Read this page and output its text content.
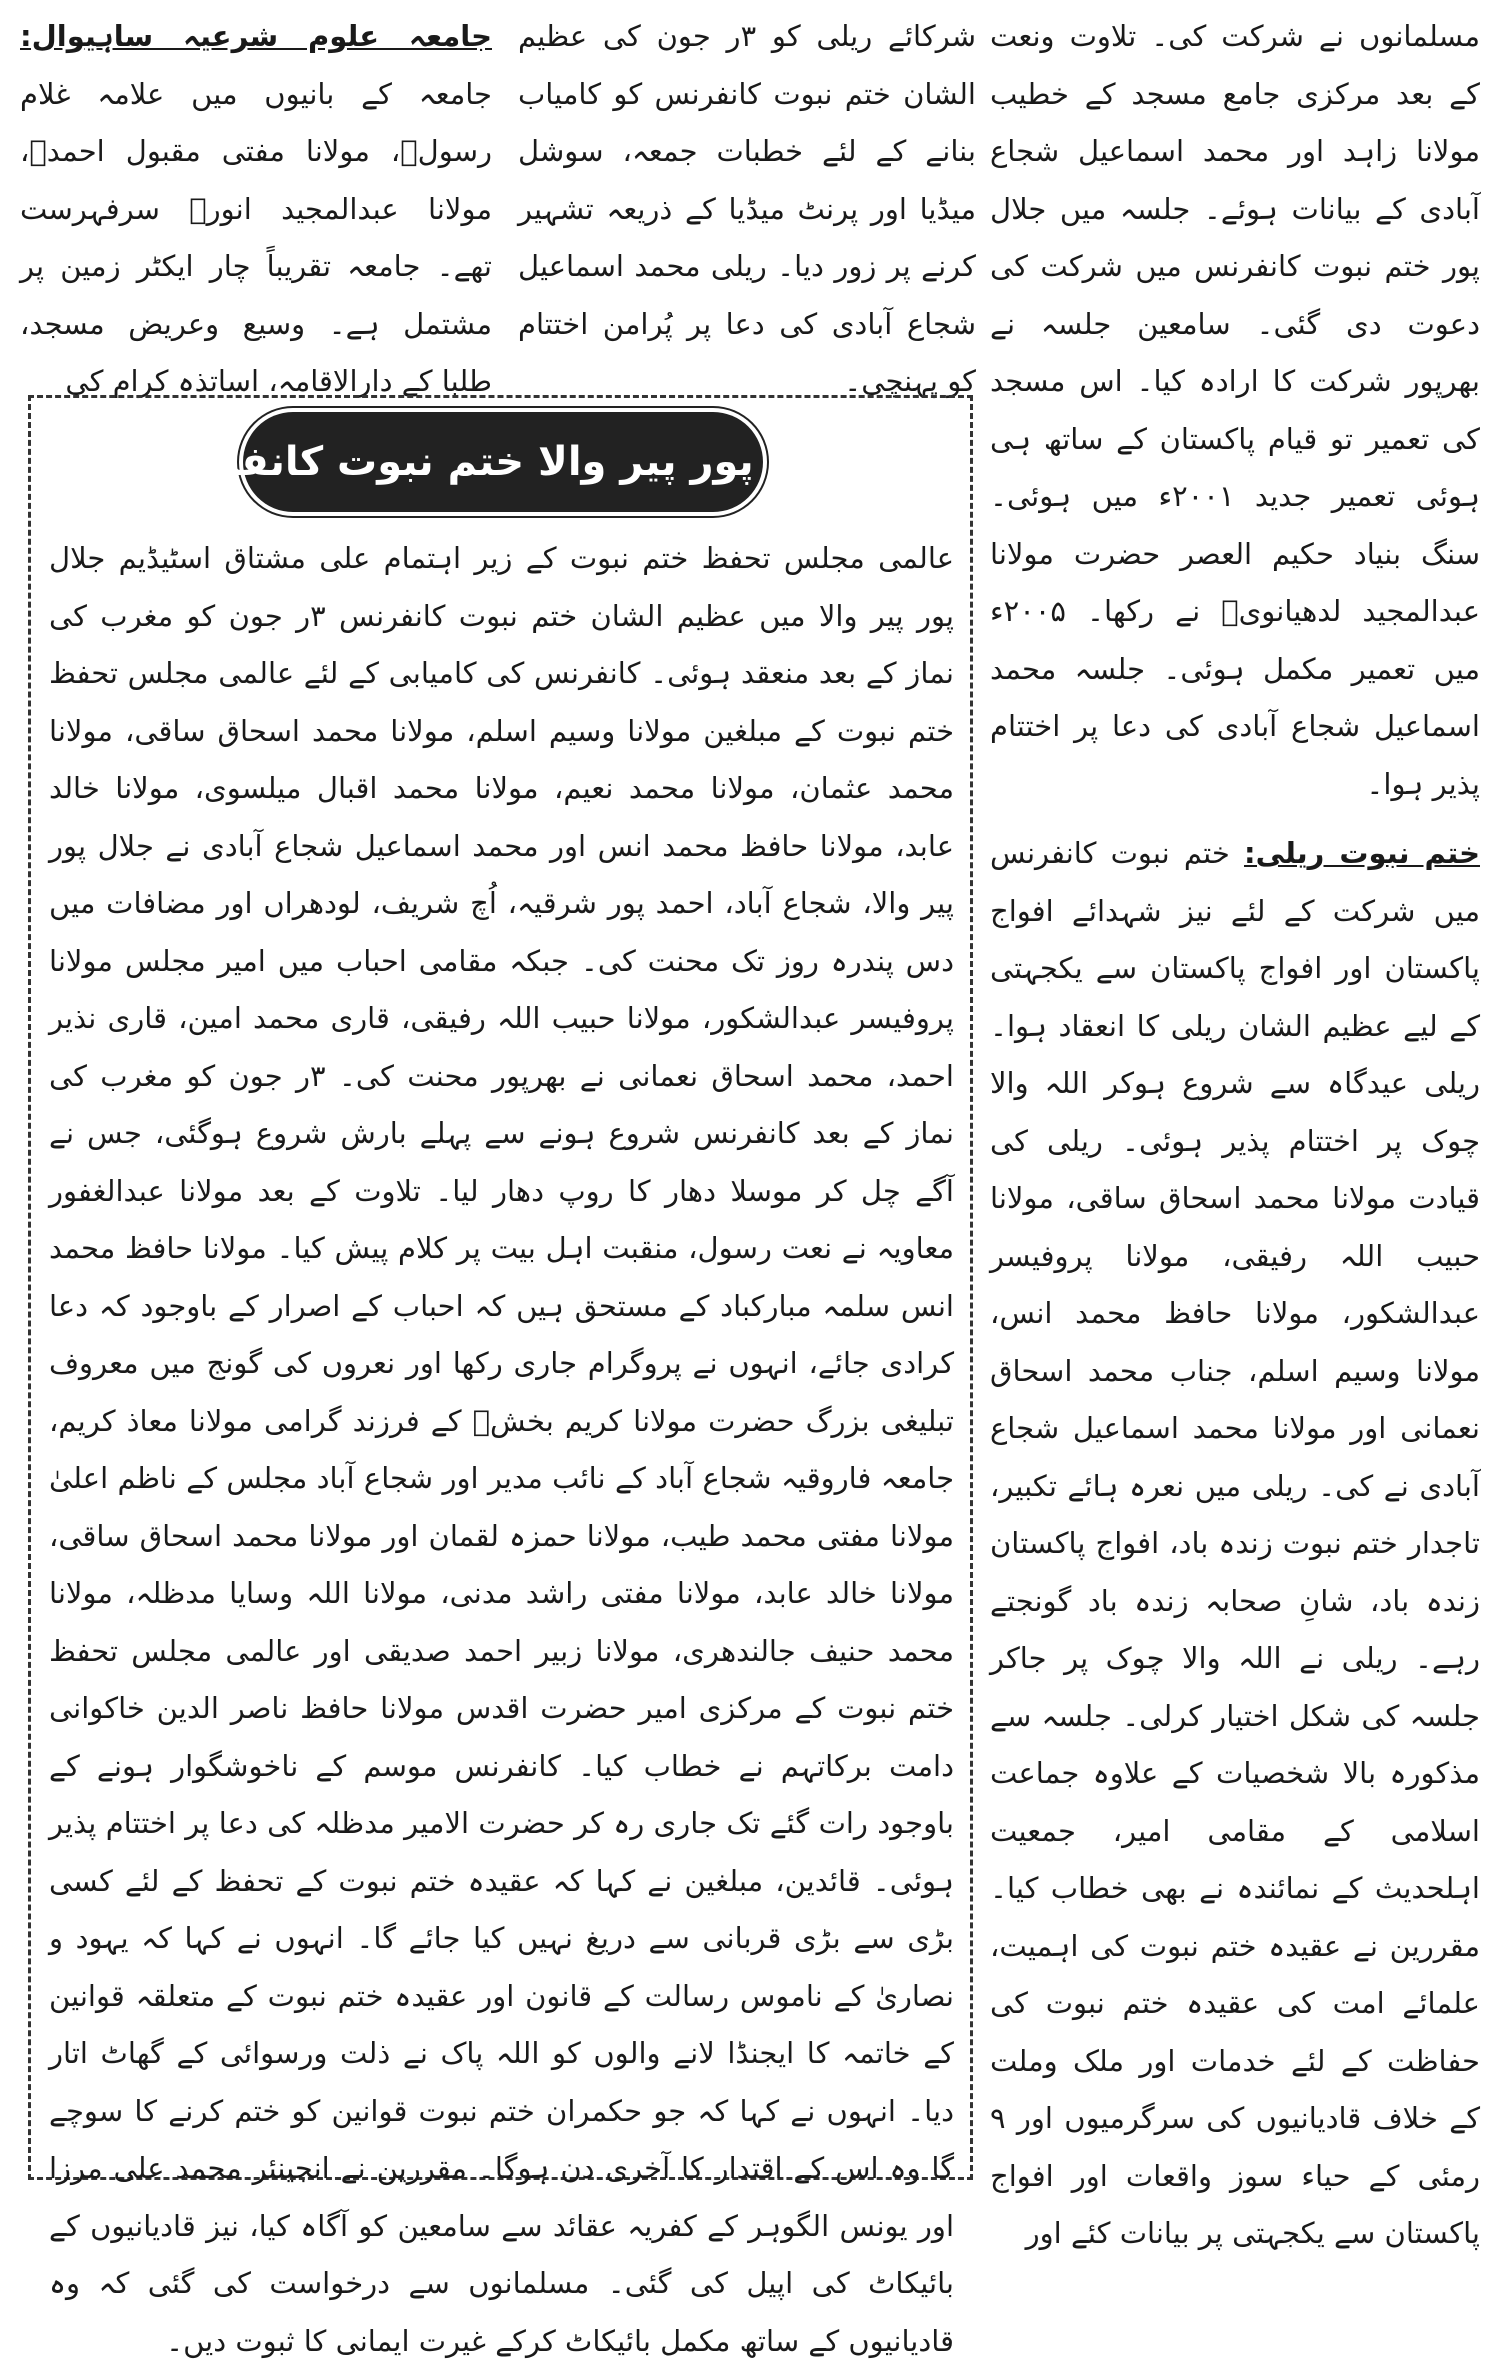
مسلمانوں نے شرکت کی۔ تلاوت ونعت کے بعد مرکزی جامع مسجد کے خطیب مولانا زاہد اور محمد اسماعیل شجاع آبادی کے بیانات ہوئے۔ جلسہ میں جلال پور ختم نبوت کانفرنس میں شرکت کی دعوت دی گئی۔ سامعین جلسہ نے بھرپور شرکت کا ارادہ کیا۔ اس مسجد کی تعمیر تو قیام پاکستان کے ساتھ ہی ہوئی تعمیر جدید ۲۰۰۱ء میں ہوئی۔ سنگ بنیاد حکیم العصر حضرت مولانا عبدالمجید لدھیانویؒ نے رکھا۔ ۲۰۰۵ء میں تعمیر مکمل ہوئی۔ جلسہ محمد اسماعیل شجاع آبادی کی دعا پر اختتام پذیر ہوا۔

ختم نبوت ریلی: ختم نبوت کانفرنس میں شرکت کے لئے نیز شہدائے افواج پاکستان اور افواج پاکستان سے یکجہتی کے لیے عظیم الشان ریلی کا انعقاد ہوا۔ ریلی عیدگاہ سے شروع ہوکر اللہ والا چوک پر اختتام پذیر ہوئی۔ ریلی کی قیادت مولانا محمد اسحاق ساقی، مولانا حبیب اللہ رفیقی، مولانا پروفیسر عبدالشکور، مولانا حافظ محمد انس، مولانا وسیم اسلم، جناب محمد اسحاق نعمانی اور مولانا محمد اسماعیل شجاع آبادی نے کی۔ ریلی میں نعرہ ہائے تکبیر، تاجدار ختم نبوت زندہ باد، افواج پاکستان زندہ باد، شانِ صحابہ زندہ باد گونجتے رہے۔ ریلی نے اللہ والا چوک پر جاکر جلسہ کی شکل اختیار کرلی۔ جلسہ سے مذکورہ بالا شخصیات کے علاوہ جماعت اسلامی کے مقامی امیر، جمعیت اہلحدیث کے نمائندہ نے بھی خطاب کیا۔ مقررین نے عقیدہ ختم نبوت کی اہمیت، علمائے امت کی عقیدہ ختم نبوت کی حفاظت کے لئے خدمات اور ملک وملت کے خلاف قادیانیوں کی سرگرمیوں اور ۹ رمئی کے حیاء سوز واقعات اور افواج پاکستان سے یکجہتی پر بیانات کئے اور

شرکائے ریلی کو ۳ر جون کی عظیم الشان ختم نبوت کانفرنس کو کامیاب بنانے کے لئے خطبات جمعہ، سوشل میڈیا اور پرنٹ میڈیا کے ذریعہ تشہیر کرنے پر زور دیا۔ ریلی محمد اسماعیل شجاع آبادی کی دعا پر پُرامن اختتام کو پہنچی۔

جامعہ علوم شرعیہ ساہیوال: جامعہ کے بانیوں میں علامہ غلام رسولؒ، مولانا مفتی مقبول احمدؒ، مولانا عبدالمجید انورؒ سرفہرست تھے۔ جامعہ تقریباً چار ایکٹر زمین پر مشتمل ہے۔ وسیع وعریض مسجد، طلبا کے دارالاقامہ، اساتذہ کرام کی

جلال پور پیر والا ختم نبوت کانفرنس

عالمی مجلس تحفظ ختم نبوت کے زیر اہتمام علی مشتاق اسٹیڈیم جلال پور پیر والا میں عظیم الشان ختم نبوت کانفرنس ۳ر جون کو مغرب کی نماز کے بعد منعقد ہوئی۔ کانفرنس کی کامیابی کے لئے عالمی مجلس تحفظ ختم نبوت کے مبلغین مولانا وسیم اسلم، مولانا محمد اسحاق ساقی، مولانا محمد عثمان، مولانا محمد نعیم، مولانا محمد اقبال میلسوی، مولانا خالد عابد، مولانا حافظ محمد انس اور محمد اسماعیل شجاع آبادی نے جلال پور پیر والا، شجاع آباد، احمد پور شرقیہ، اُچ شریف، لودھراں اور مضافات میں دس پندرہ روز تک محنت کی۔ جبکہ مقامی احباب میں امیر مجلس مولانا پروفیسر عبدالشکور، مولانا حبیب اللہ رفیقی، قاری محمد امین، قاری نذیر احمد، محمد اسحاق نعمانی نے بھرپور محنت کی۔ ۳ر جون کو مغرب کی نماز کے بعد کانفرنس شروع ہونے سے پہلے بارش شروع ہوگئی، جس نے آگے چل کر موسلا دھار کا روپ دھار لیا۔ تلاوت کے بعد مولانا عبدالغفور معاویہ نے نعت رسول، منقبت اہل بیت پر کلام پیش کیا۔ مولانا حافظ محمد انس سلمہ مبارکباد کے مستحق ہیں کہ احباب کے اصرار کے باوجود کہ دعا کرادی جائے، انہوں نے پروگرام جاری رکھا اور نعروں کی گونج میں معروف تبلیغی بزرگ حضرت مولانا کریم بخشؒ کے فرزند گرامی مولانا معاذ کریم، جامعہ فاروقیہ شجاع آباد کے نائب مدیر اور شجاع آباد مجلس کے ناظم اعلیٰ مولانا مفتی محمد طیب، مولانا حمزہ لقمان اور مولانا محمد اسحاق ساقی، مولانا خالد عابد، مولانا مفتی راشد مدنی، مولانا اللہ وسایا مدظلہ، مولانا محمد حنیف جالندھری، مولانا زبیر احمد صدیقی اور عالمی مجلس تحفظ ختم نبوت کے مرکزی امیر حضرت اقدس مولانا حافظ ناصر الدین خاکوانی دامت برکاتہم نے خطاب کیا۔ کانفرنس موسم کے ناخوشگوار ہونے کے باوجود رات گئے تک جاری رہ کر حضرت الامیر مدظلہ کی دعا پر اختتام پذیر ہوئی۔ قائدین، مبلغین نے کہا کہ عقیدہ ختم نبوت کے تحفظ کے لئے کسی بڑی سے بڑی قربانی سے دریغ نہیں کیا جائے گا۔ انہوں نے کہا کہ یہود و نصاریٰ کے ناموس رسالت کے قانون اور عقیدہ ختم نبوت کے متعلقہ قوانین کے خاتمہ کا ایجنڈا لانے والوں کو اللہ پاک نے ذلت ورسوائی کے گھاٹ اتار دیا۔ انہوں نے کہا کہ جو حکمران ختم نبوت قوانین کو ختم کرنے کا سوچے گا وہ اس کے اقتدار کا آخری دن ہوگا۔ مقررین نے انجینئر محمد علی مرزا اور یونس الگوہر کے کفریہ عقائد سے سامعین کو آگاہ کیا، نیز قادیانیوں کے بائیکاٹ کی اپیل کی گئی۔ مسلمانوں سے درخواست کی گئی کہ وہ قادیانیوں کے ساتھ مکمل بائیکاٹ کرکے غیرت ایمانی کا ثبوت دیں۔
